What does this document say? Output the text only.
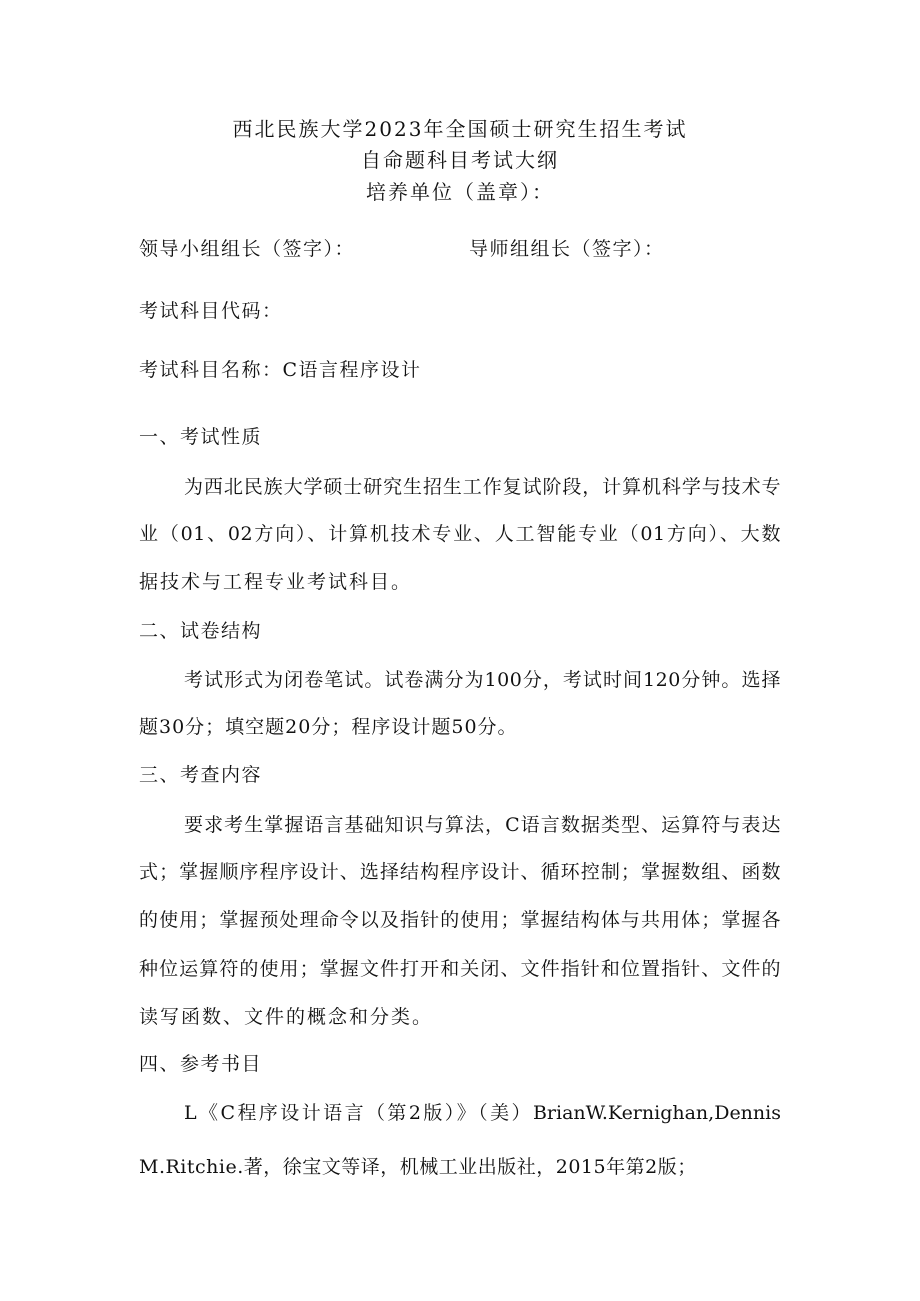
西北民族大学2023年全国硕士研究生招生考试
自命题科目考试大纲
培养单位（盖章）：
领导小组组长（签字）：	导师组组长（签字）：
考试科目代码：
考试科目名称：C语言程序设计
一、考试性质
为西北民族大学硕士研究生招生工作复试阶段，计算机科学与技术专
业（01、02方向）、计算机技术专业、人工智能专业（01方向）、大数
据技术与工程专业考试科目。
二、试卷结构
考试形式为闭卷笔试。试卷满分为100分，考试时间120分钟。选择
题30分；填空题20分；程序设计题50分。
三、考查内容
要求考生掌握语言基础知识与算法，C语言数据类型、运算符与表达
式；掌握顺序程序设计、选择结构程序设计、循环控制；掌握数组、函数
的使用；掌握预处理命令以及指针的使用；掌握结构体与共用体；掌握各
种位运算符的使用；掌握文件打开和关闭、文件指针和位置指针、文件的
读写函数、文件的概念和分类。
四、参考书目
L《C程序设计语言（第2版）》（美）BrianW.Kernighan,Dennis
M.Ritchie.著，徐宝文等译，机械工业出版社，2015年第2版；
